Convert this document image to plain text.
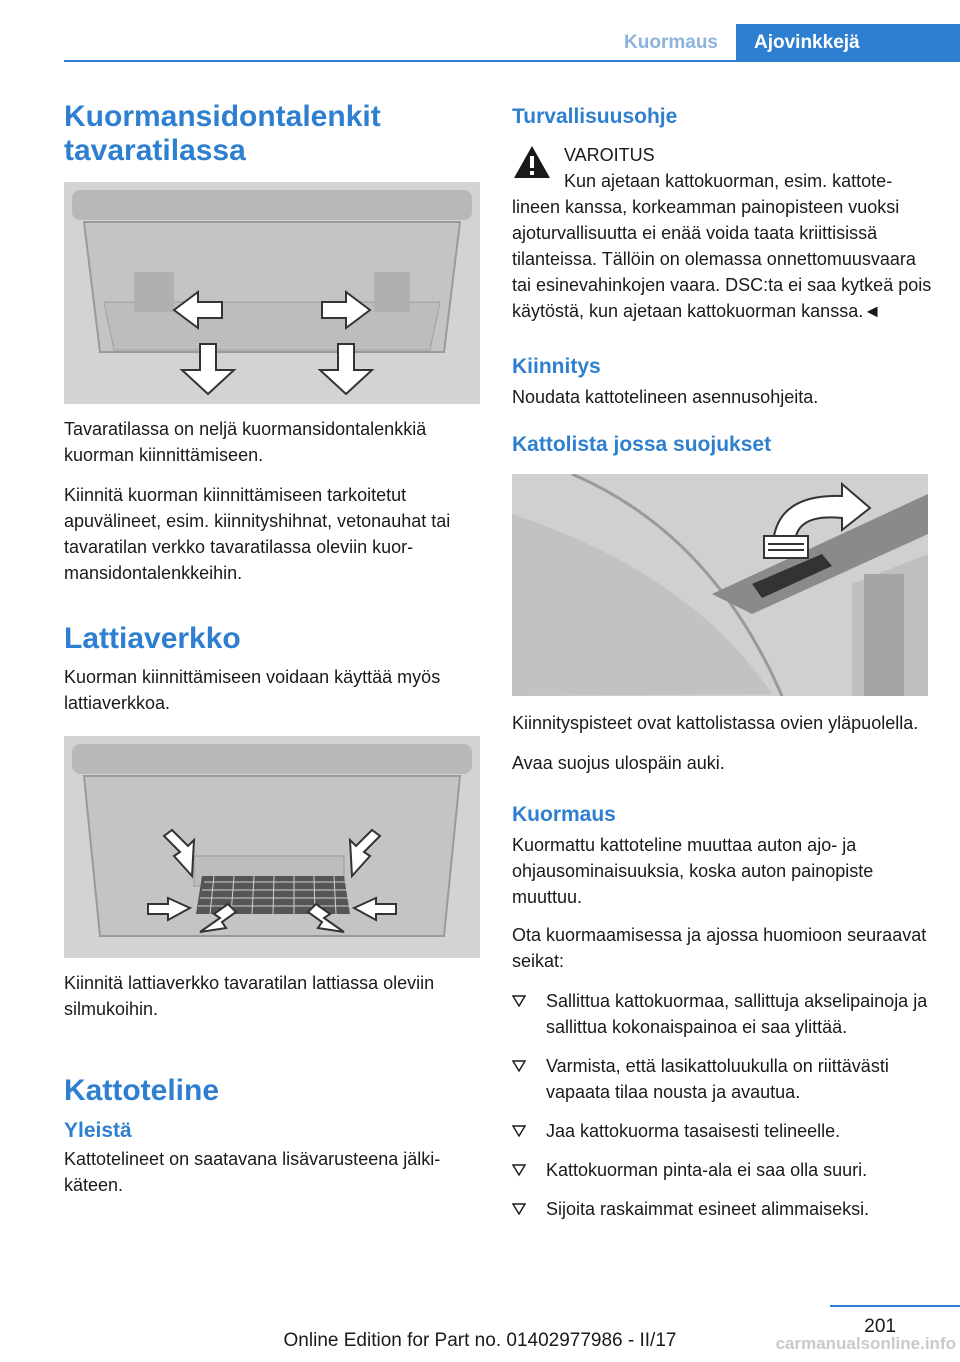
Kuormaus	Ajovinkkejä
Kuormansidontalenkit tavaratilassa

Tavaratilassa on neljä kuormansidontalenkkiä kuorman kiinnittämiseen.

Kiinnitä kuorman kiinnittämiseen tarkoitetut apuvälineet, esim. kiinnityshihnat, vetonauhat tai tavaratilan verkko tavaratilassa oleviin kuormansidontalenkkeihin.

Lattiaverkko

Kuorman kiinnittämiseen voidaan käyttää myös lattiaverkkoa.

Kiinnitä lattiaverkko tavaratilan lattiassa oleviin silmukoihin.

Kattoteline
Yleistä

Kattotelineet on saatavana lisävarusteena jälkikäteen.

Turvallisuusohje

VAROITUS

Kun ajetaan kattokuorman, esim. kattotelineen kanssa, korkeamman painopisteen vuoksi ajoturvallisuutta ei enää voida taata kriittisissä tilanteissa. Tällöin on olemassa onnettomuusvaara tai esinevahinkojen vaara. DSC:ta ei saa kytkeä pois käytöstä, kun ajetaan kattokuorman kanssa.◄

Kiinnitys

Noudata kattotelineen asennusohjeita.

Kattolista jossa suojukset

Kiinnityspisteet ovat kattolistassa ovien yläpuolella.

Avaa suojus ulospäin auki.

Kuormaus

Kuormattu kattoteline muuttaa auton ajo- ja ohjausominaisuuksia, koska auton painopiste muuttuu.

Ota kuormaamisessa ja ajossa huomioon seuraavat seikat:

Sallittua kattokuormaa, sallittuja akselipainoja ja sallittua kokonaispainoa ei saa ylittää.
Varmista, että lasikattoluukulla on riittävästi vapaata tilaa nousta ja avautua.
Jaa kattokuorma tasaisesti telineelle.
Kattokuorman pinta-ala ei saa olla suuri.
Sijoita raskaimmat esineet alimmaiseksi.
201
Online Edition for Part no. 01402977986 - II/17	carmanualsonline.info
